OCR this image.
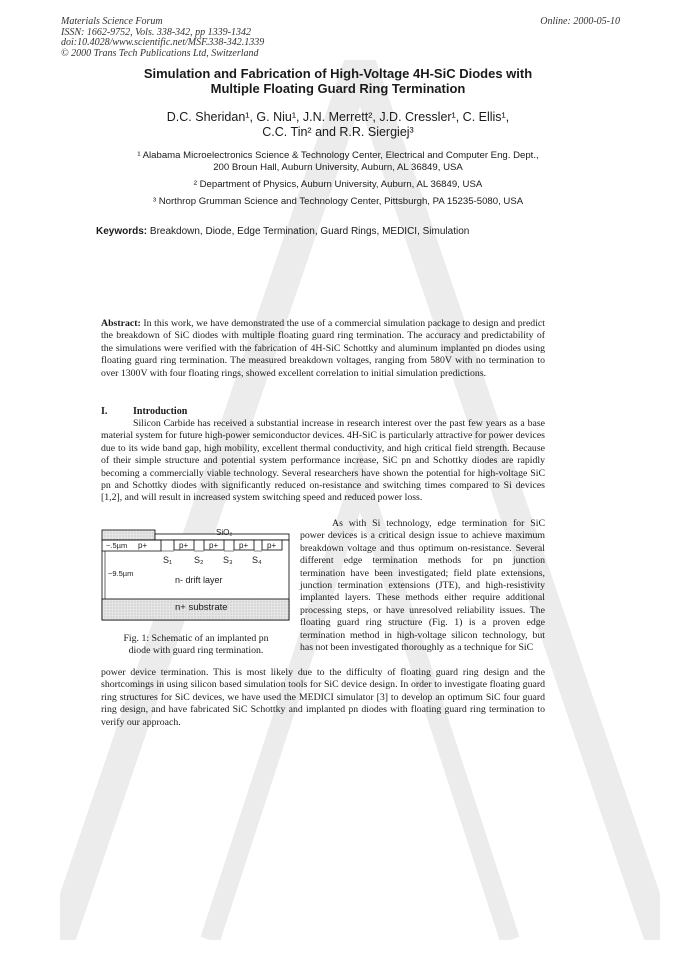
Materials Science Forum
ISSN: 1662-9752, Vols. 338-342, pp 1339-1342
doi:10.4028/www.scientific.net/MSF.338-342.1339
© 2000 Trans Tech Publications Ltd, Switzerland
Online: 2000-05-10
Simulation and Fabrication of High-Voltage 4H-SiC Diodes with
Multiple Floating Guard Ring Termination
D.C. Sheridan¹, G. Niu¹, J.N. Merrett², J.D. Cressler¹, C. Ellis¹,
C.C. Tin² and R.R. Siergiej³
¹ Alabama Microelectronics Science & Technology Center, Electrical and Computer Eng. Dept.,
200 Broun Hall, Auburn University, Auburn, AL 36849, USA
² Department of Physics, Auburn University, Auburn, AL 36849, USA
³ Northrop Grumman Science and Technology Center, Pittsburgh, PA 15235-5080, USA
Keywords: Breakdown, Diode, Edge Termination, Guard Rings, MEDICI, Simulation
Abstract: In this work, we have demonstrated the use of a commercial simulation package to design and predict the breakdown of SiC diodes with multiple floating guard ring termination. The accuracy and predictability of the simulations were verified with the fabrication of 4H-SiC Schottky and aluminum implanted pn diodes using floating guard ring termination. The measured breakdown voltages, ranging from 580V with no termination to over 1300V with four floating rings, showed excellent correlation to initial simulation predictions.
I.	Introduction
Silicon Carbide has received a substantial increase in research interest over the past few years as a base material system for future high-power semiconductor devices. 4H-SiC is particularly attractive for power devices due to its wide band gap, high mobility, excellent thermal conductivity, and high critical field strength. Because of their simple structure and potential system performance increase, SiC pn and Schottky diodes are rapidly becoming a commercially viable technology. Several researchers have shown the potential for high-voltage SiC pn and Schottky diodes with significantly reduced on-resistance and switching times compared to Si devices [1,2], and will result in increased system switching speed and reduced power loss.
SiO₂
~.5µm p+	p+	p+	p+ p+
S₁ S₂ S₃ S₄
~9.5µm
n- drift layer
n+ substrate
Fig. 1: Schematic of an implanted pn
diode with guard ring termination.
As with Si technology, edge termination for SiC power devices is a critical design issue to achieve maximum breakdown voltage and thus optimum on-resistance. Several different edge termination methods for pn junction termination have been investigated; field plate extensions, junction termination extensions (JTE), and high-resistivity implanted layers. These methods either require additional processing steps, or have unresolved reliability issues. The floating guard ring structure (Fig. 1) is a proven edge termination method in high-voltage silicon technology, but has not been investigated thoroughly as a technique for SiC
power device termination. This is most likely due to the difficulty of floating guard ring design and the shortcomings in using silicon based simulation tools for SiC device design. In order to investigate floating guard ring structures for SiC devices, we have used the MEDICI simulator [3] to develop an optimum SiC four guard ring design, and have fabricated SiC Schottky and implanted pn diodes with floating guard ring termination to verify our approach.
